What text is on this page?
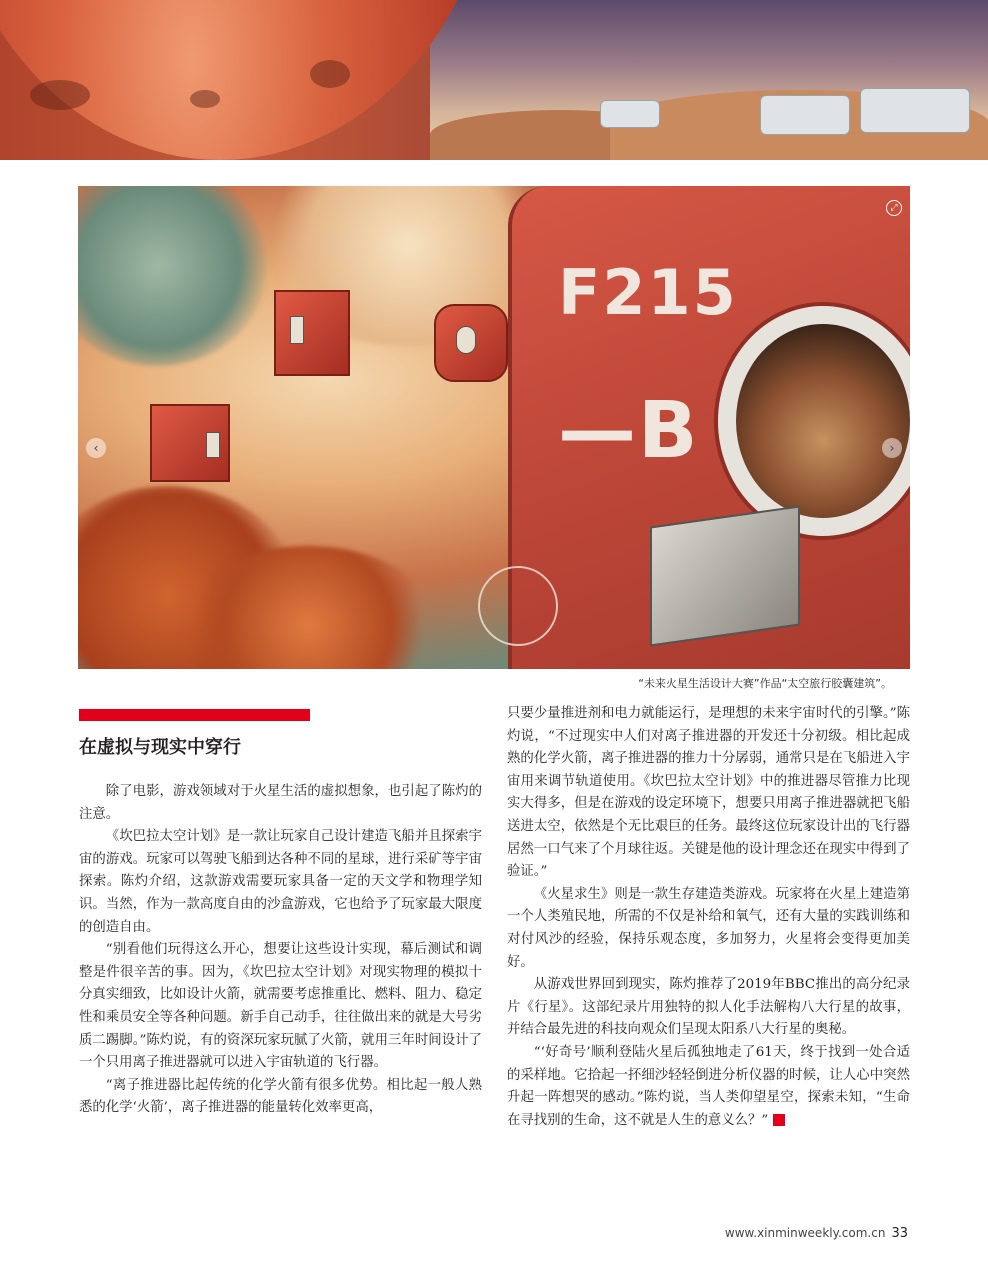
F215
—B
‹	›
⤢
“未来火星生活设计大赛”作品“太空旅行胶囊建筑”。
在虚拟与现实中穿行

除了电影，游戏领域对于火星生活的虚拟想象，也引起了陈灼的注意。

《坎巴拉太空计划》是一款让玩家自己设计建造飞船并且探索宇宙的游戏。玩家可以驾驶飞船到达各种不同的星球，进行采矿等宇宙探索。陈灼介绍，这款游戏需要玩家具备一定的天文学和物理学知识。当然，作为一款高度自由的沙盒游戏，它也给予了玩家最大限度的创造自由。

“别看他们玩得这么开心，想要让这些设计实现，幕后测试和调整是件很辛苦的事。因为，《坎巴拉太空计划》对现实物理的模拟十分真实细致，比如设计火箭，就需要考虑推重比、燃料、阻力、稳定性和乘员安全等各种问题。新手自己动手，往往做出来的就是大号劣质二踢脚。”陈灼说，有的资深玩家玩腻了火箭，就用三年时间设计了一个只用离子推进器就可以进入宇宙轨道的飞行器。

“离子推进器比起传统的化学火箭有很多优势。相比起一般人熟悉的化学‘火箭’，离子推进器的能量转化效率更高，

只要少量推进剂和电力就能运行，是理想的未来宇宙时代的引擎。”陈灼说，“不过现实中人们对离子推进器的开发还十分初级。相比起成熟的化学火箭，离子推进器的推力十分孱弱，通常只是在飞船进入宇宙用来调节轨道使用。《坎巴拉太空计划》中的推进器尽管推力比现实大得多，但是在游戏的设定环境下，想要只用离子推进器就把飞船送进太空，依然是个无比艰巨的任务。最终这位玩家设计出的飞行器居然一口气来了个月球往返。关键是他的设计理念还在现实中得到了验证。”

《火星求生》则是一款生存建造类游戏。玩家将在火星上建造第一个人类殖民地，所需的不仅是补给和氧气，还有大量的实践训练和对付风沙的经验，保持乐观态度，多加努力，火星将会变得更加美好。

从游戏世界回到现实，陈灼推荐了2019年BBC推出的高分纪录片《行星》。这部纪录片用独特的拟人化手法解构八大行星的故事，并结合最先进的科技向观众们呈现太阳系八大行星的奥秘。

“‘好奇号’顺利登陆火星后孤独地走了61天，终于找到一处合适的采样地。它拾起一抔细沙轻轻倒进分析仪器的时候，让人心中突然升起一阵想哭的感动。”陈灼说，当人类仰望星空，探索未知，“生命在寻找别的生命，这不就是人生的意义么？”	民

www.xinminweekly.com.cn 33
